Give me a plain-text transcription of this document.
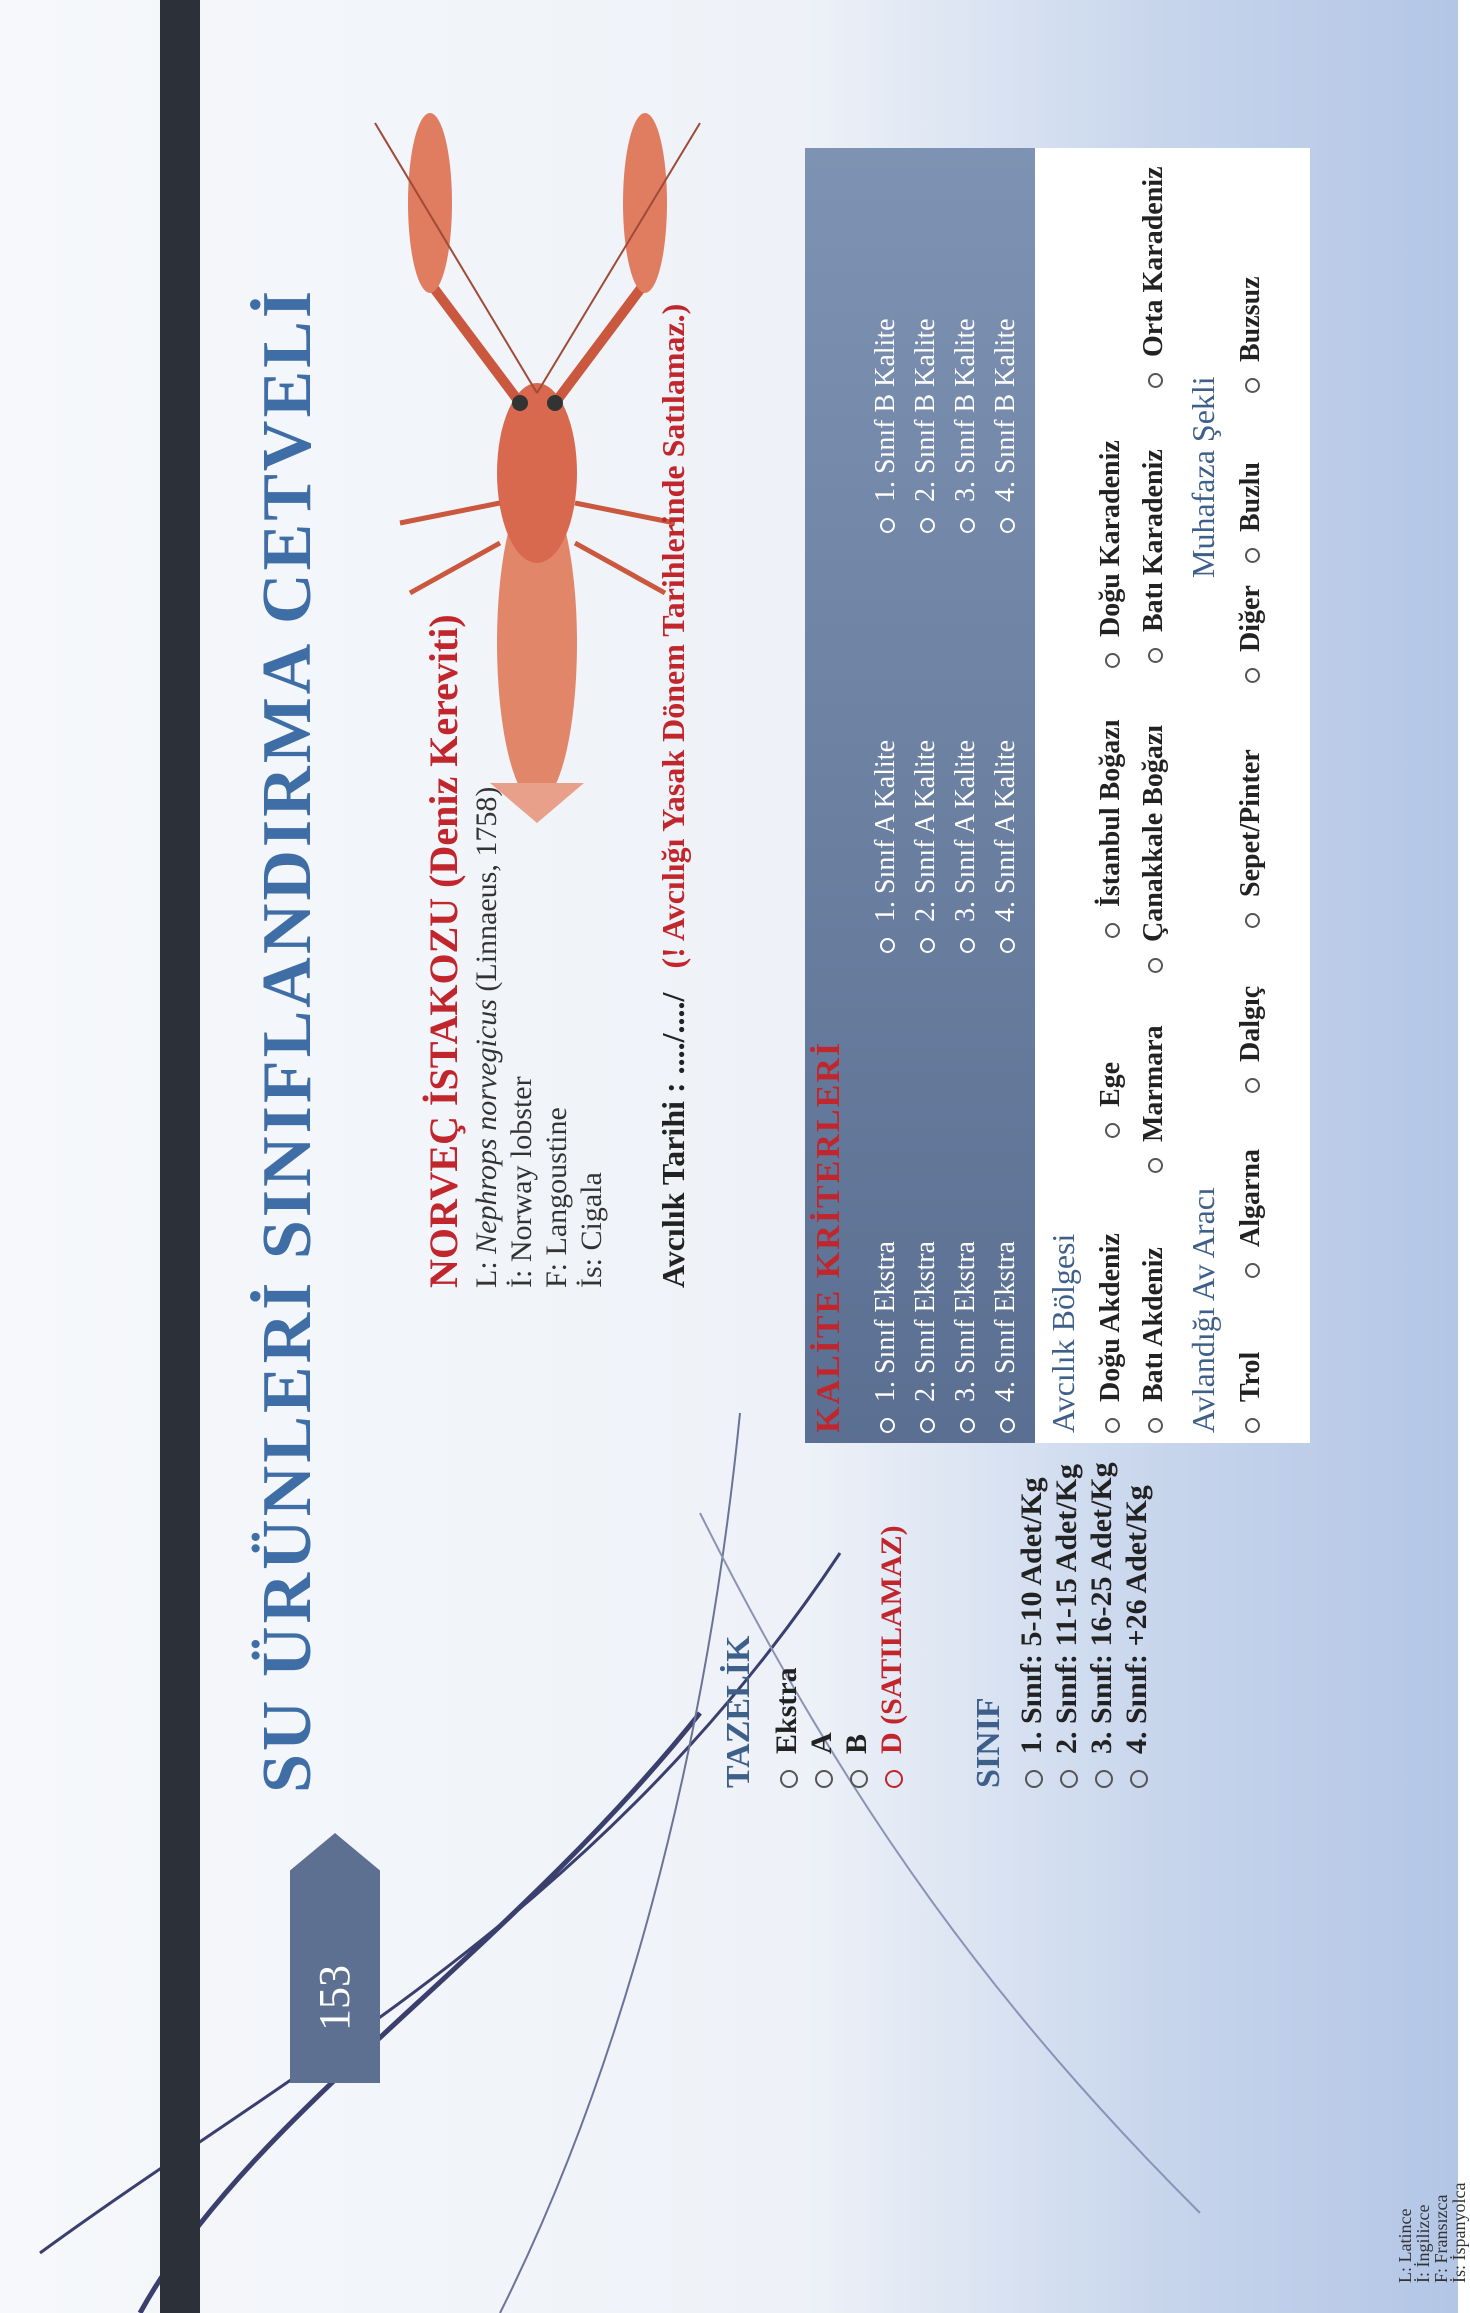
153
SU ÜRÜNLERİ SINIFLANDIRMA CETVELİ NORVEÇ İSTAKOZU (Deniz Kereviti) L: Nephrops norvegicus (Linnaeus, 1758)
İ: Norway lobster F: Langoustine İs: Cigala Avcılık Tarihi : ..../..../   (! Avcılığı Yasak Dönem Tarihlerinde Satılamaz.)
TAZELİK Ekstra A B D (SATILAMAZ) SINIF 1. Sınıf: 5-10 Adet/Kg 2. Sınıf: 11-15 Adet/Kg 3. Sınıf: 16-25 Adet/Kg 4. Sınıf: +26 Adet/Kg
KALİTE KRİTERLERİ 1. Sınıf Ekstra 2. Sınıf Ekstra 3. Sınıf Ekstra 4. Sınıf Ekstra
1. Sınıf A Kalite 2. Sınıf A Kalite 3. Sınıf A Kalite 4. Sınıf A Kalite
1. Sınıf B Kalite 2. Sınıf B Kalite 3. Sınıf B Kalite 4. Sınıf B Kalite
Avcılık Bölgesi Doğu Akdeniz
Ege
İstanbul Boğazı
Doğu Karadeniz
Batı Akdeniz
Marmara
Çanakkale Boğazı
Batı Karadeniz
Orta Karadeniz
Avlandığı Av Aracı
Muhafaza Şekli
Trol
Algarna
Dalgıç
Sepet/Pinter
Diğer
Buzlu
Buzsuz
L: Latince
İ: İngilizce
F: Fransızca
İs: İspanyolca
